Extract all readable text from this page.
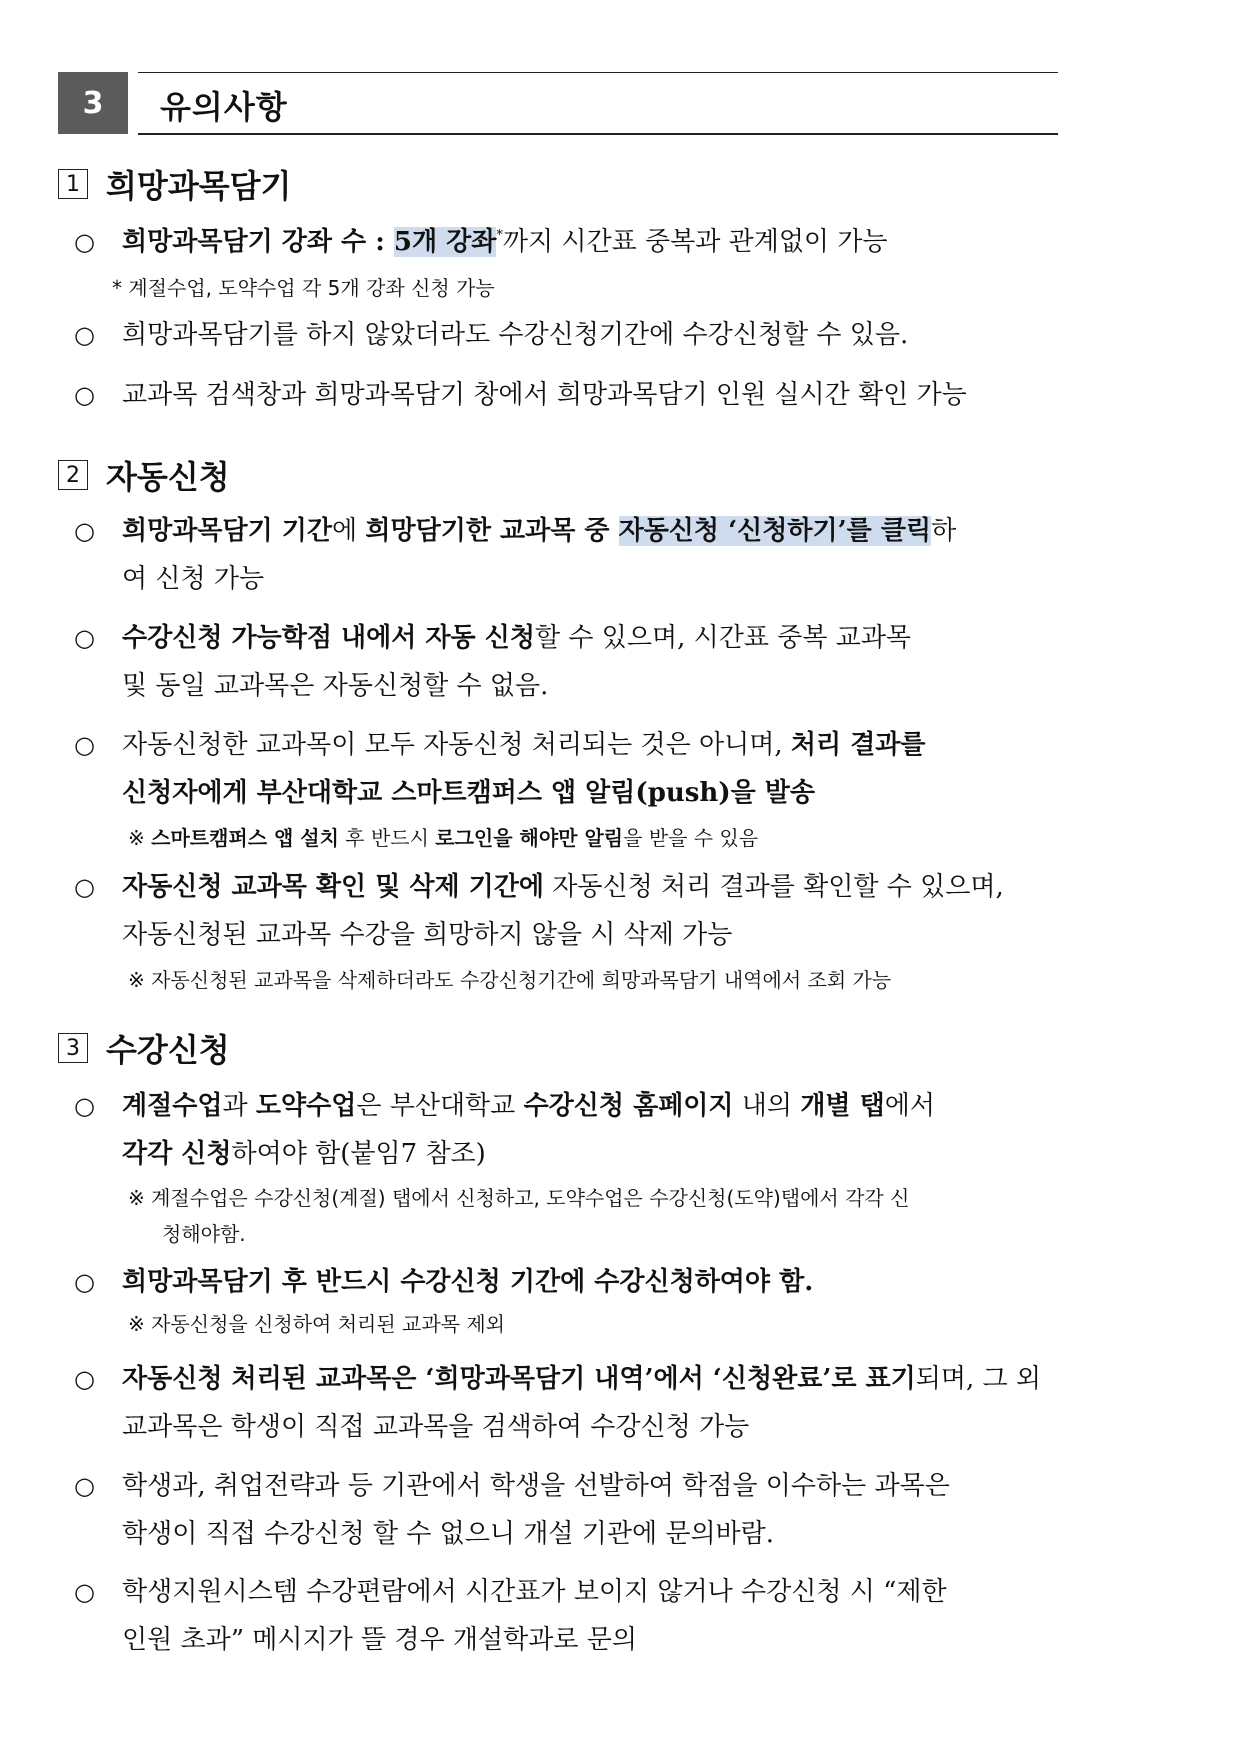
3	유의사항
1 희망과목담기
○ 희망과목담기 강좌 수 : 5개 강좌*까지 시간표 중복과 관계없이 가능
* 계절수업, 도약수업 각 5개 강좌 신청 가능
○ 희망과목담기를 하지 않았더라도 수강신청기간에 수강신청할 수 있음.
○ 교과목 검색창과 희망과목담기 창에서 희망과목담기 인원 실시간 확인 가능
2 자동신청
○ 희망과목담기 기간에 희망담기한 교과목 중 자동신청 ‘신청하기’를 클릭하
여 신청 가능
○ 수강신청 가능학점 내에서 자동 신청할 수 있으며, 시간표 중복 교과목
및 동일 교과목은 자동신청할 수 없음.
○ 자동신청한 교과목이 모두 자동신청 처리되는 것은 아니며, 처리 결과를
신청자에게 부산대학교 스마트캠퍼스 앱 알림(push)을 발송
※ 스마트캠퍼스 앱 설치 후 반드시 로그인을 해야만 알림을 받을 수 있음
○ 자동신청 교과목 확인 및 삭제 기간에 자동신청 처리 결과를 확인할 수 있으며,
자동신청된 교과목 수강을 희망하지 않을 시 삭제 가능
※ 자동신청된 교과목을 삭제하더라도 수강신청기간에 희망과목담기 내역에서 조회 가능
3 수강신청
○ 계절수업과 도약수업은 부산대학교 수강신청 홈페이지 내의 개별 탭에서
각각 신청하여야 함(붙임7 참조)
※ 계절수업은 수강신청(계절) 탭에서 신청하고, 도약수업은 수강신청(도약)탭에서 각각 신
청해야함.
○ 희망과목담기 후 반드시 수강신청 기간에 수강신청하여야 함.
※ 자동신청을 신청하여 처리된 교과목 제외
○ 자동신청 처리된 교과목은 ‘희망과목담기 내역’에서 ‘신청완료’로 표기되며, 그 외
교과목은 학생이 직접 교과목을 검색하여 수강신청 가능
○ 학생과, 취업전략과 등 기관에서 학생을 선발하여 학점을 이수하는 과목은
학생이 직접 수강신청 할 수 없으니 개설 기관에 문의바람.
○ 학생지원시스템 수강편람에서 시간표가 보이지 않거나 수강신청 시 “제한
인원 초과” 메시지가 뜰 경우 개설학과로 문의
